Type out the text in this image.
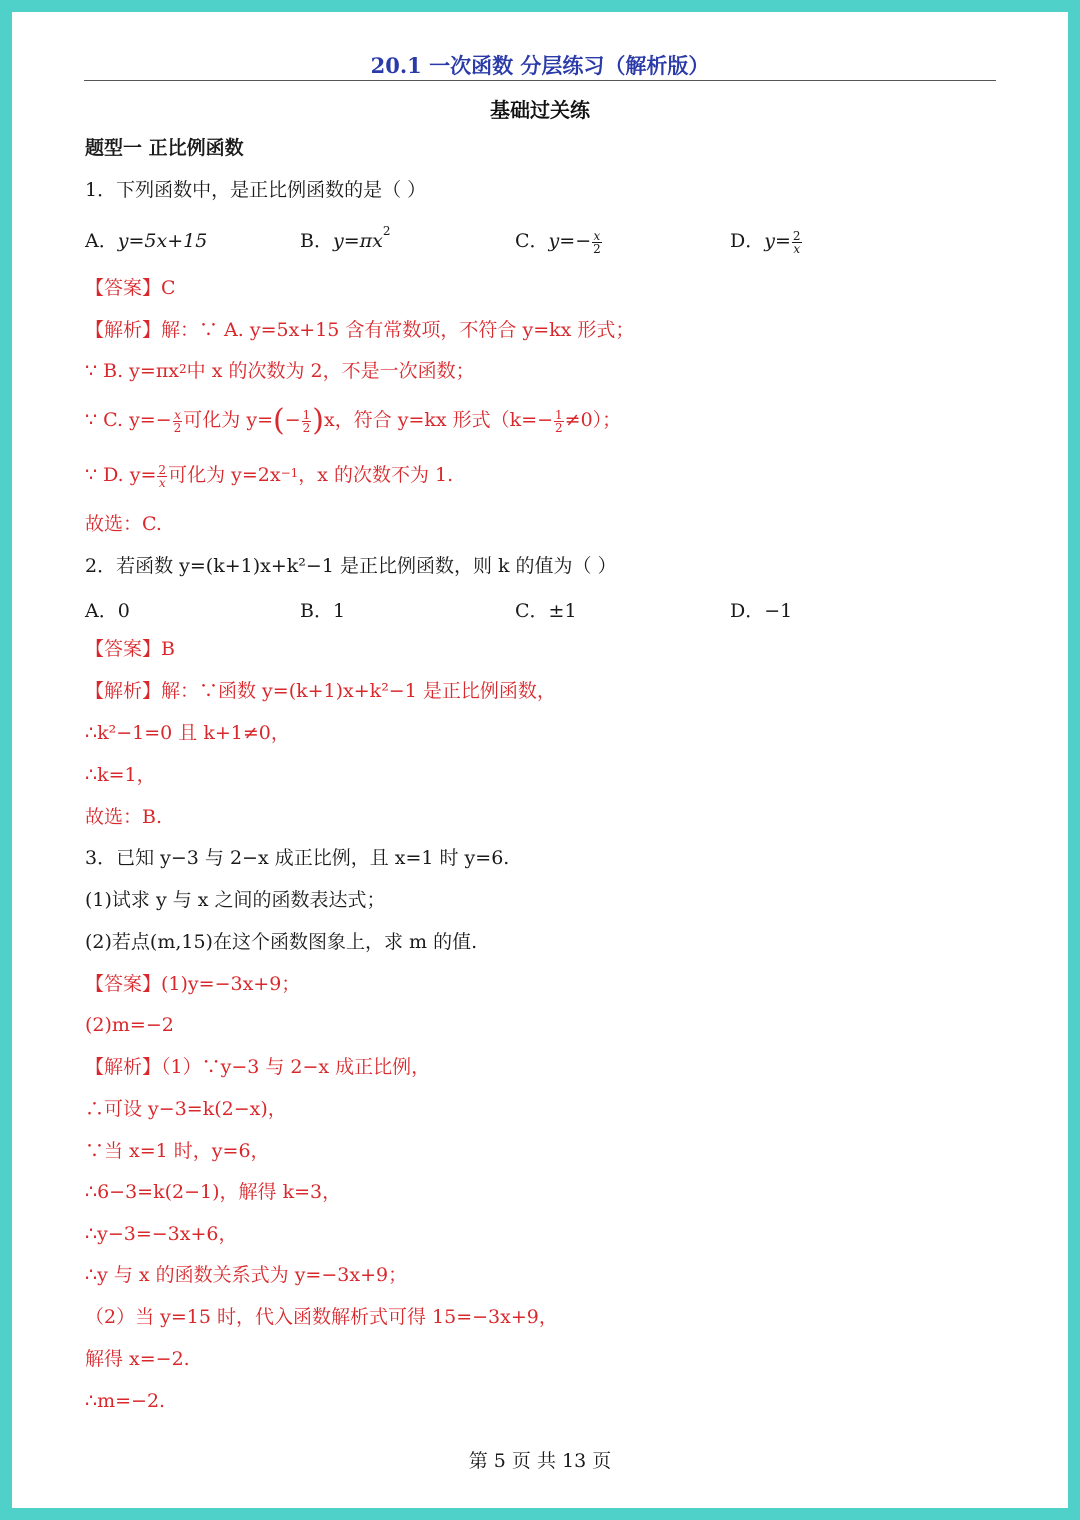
20.1 一次函数 分层练习（解析版）
基础过关练
题型一 正比例函数
1．下列函数中，是正比例函数的是（ ）
A．y=5x+15	B．$y=\pi x^2$	C．$y=- \frac{x}{2}$	D．$y= \frac{2}{x}$
【答案】C
【解析】解：∵ A. y=5x+15 含有常数项，不符合 y=kx 形式；
∵ B. $y=\pi x^2$中 x 的次数为 2，不是一次函数；
∵ C. $y=- \frac{x}{2}$ 可化为 $y=(- \frac{1}{2} )x$，符合 y=kx 形式$(k=- \frac{1}{2} \ne 0)$；
∵ D. $y= \frac{2}{x}$ 可化为 $y=2x^{-1}$，x 的次数不为 1.
故选：C.
2．若函数 y=(k+1)x+k²−1 是正比例函数，则 k 的值为（ ）
A．0	B．1	C．±1	D．−1
【答案】B
【解析】解：∵函数 y=(k+1)x+k²−1 是正比例函数，
∴k²−1=0 且 k+1≠0，
∴k=1，
故选：B.
3．已知 y−3 与 2−x 成正比例，且 x=1 时 y=6.
(1)试求 y 与 x 之间的函数表达式；
(2)若点(m,15)在这个函数图象上，求 m 的值.
【答案】(1)y=−3x+9；
(2)m=−2
【解析】（1）∵y−3 与 2−x 成正比例，
∴可设 y−3=k(2−x)，
∵当 x=1 时，y=6，
∴6−3=k(2−1)，解得 k=3，
∴y−3=−3x+6，
∴y 与 x 的函数关系式为 y=−3x+9；
（2）当 y=15 时，代入函数解析式可得 15=−3x+9，
解得 x=−2.
∴m=−2.
第 5 页 共 13 页
